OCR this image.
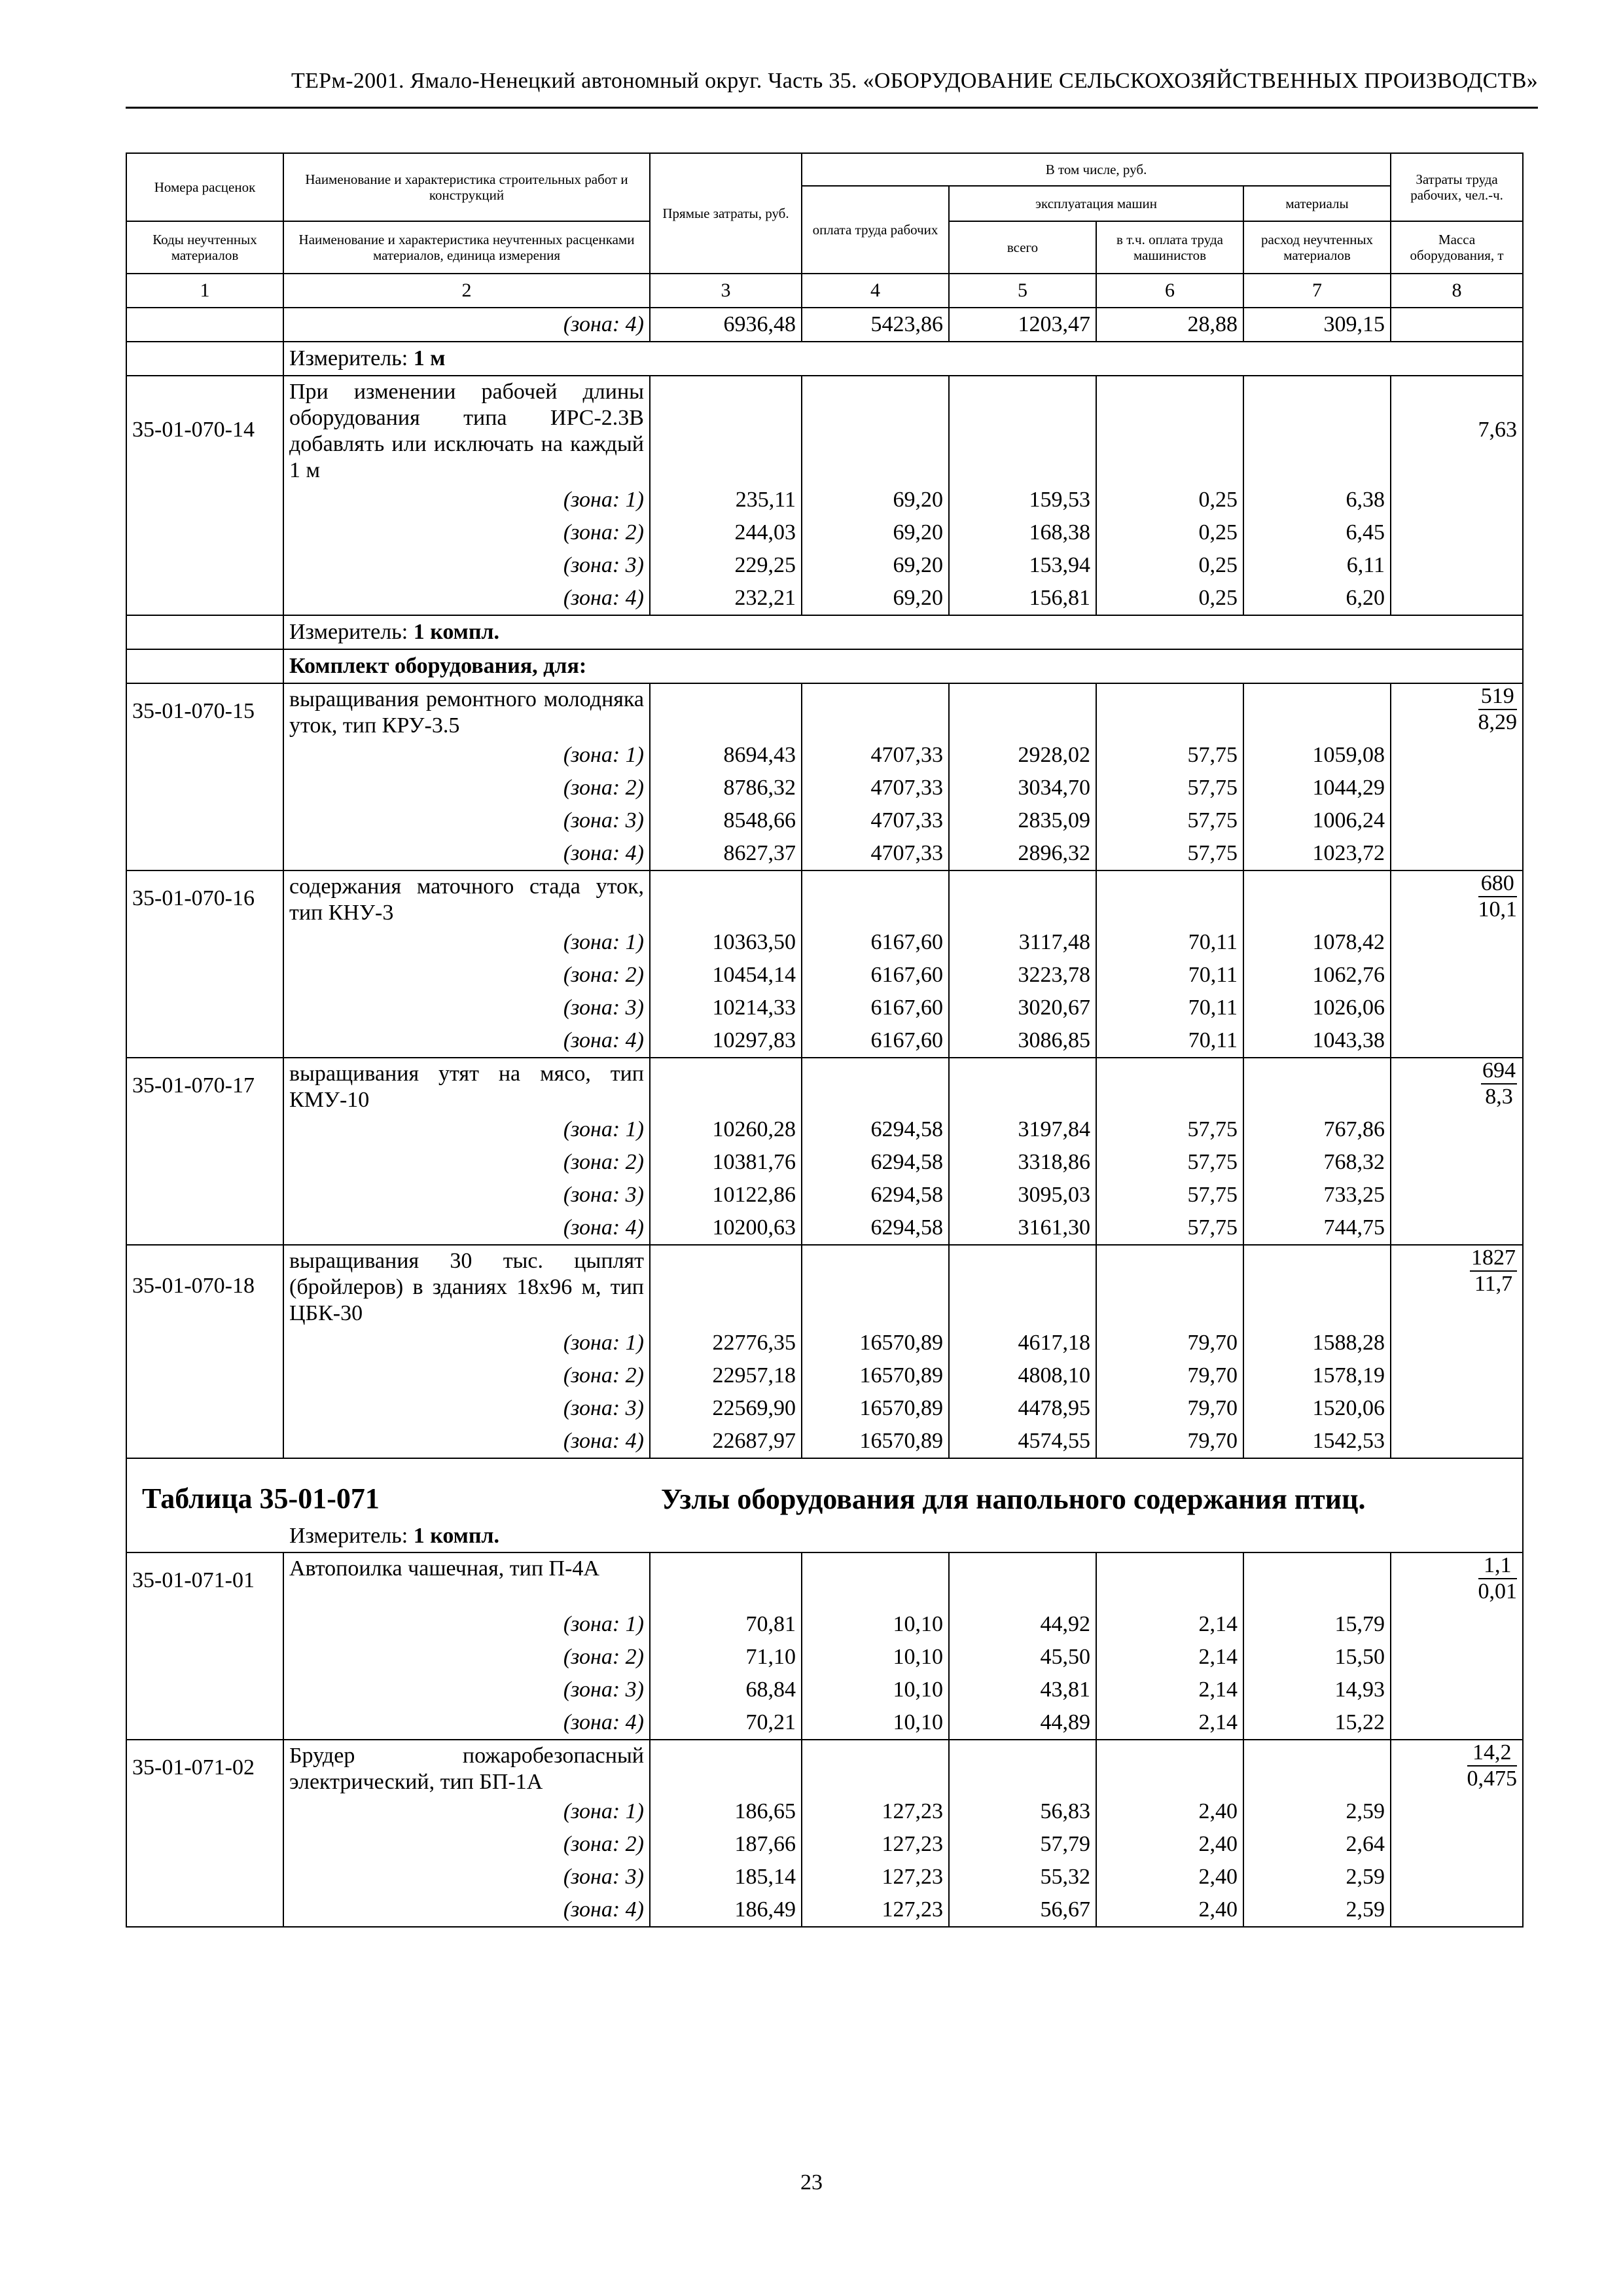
ТЕРм-2001. Ямало-Ненецкий автономный округ. Часть 35. «ОБОРУДОВАНИЕ СЕЛЬСКОХОЗЯЙСТВЕННЫХ ПРОИЗВОДСТВ»
Номера расценок	Наименование и характеристика строительных работ и конструкций	Прямые затраты, руб.	В том числе, руб.				Затраты труда рабочих, чел.-ч.
			оплата труда рабочих	эксплуатация машин		материалы	
Коды неучтенных материалов	Наименование и характеристика неучтенных расценками материалов, единица измерения			всего	в т.ч. оплата труда машинистов	расход неучтенных материалов	Масса оборудования, т
1	2	3	4	5	6	7	8
	(зона: 4)	6936,48	5423,86	1203,47	28,88	309,15	
	Измеритель: 1 м						
35-01-070-14	При изменении рабочей длины оборудования типа ИРС-2.3В добавлять или исключать на каждый 1 м						7,63
	(зона: 1)	235,11	69,20	159,53	0,25	6,38	
	(зона: 2)	244,03	69,20	168,38	0,25	6,45	
	(зона: 3)	229,25	69,20	153,94	0,25	6,11	
	(зона: 4)	232,21	69,20	156,81	0,25	6,20	
	Измеритель: 1 компл.						
	Комплект оборудования, для:						
35-01-070-15	выращивания ремонтного молодняка уток, тип КРУ-3.5						$\frac{519}{8,29}$

	(зона: 1)	8694,43	4707,33	2928,02	57,75	1059,08	
	(зона: 2)	8786,32	4707,33	3034,70	57,75	1044,29	
	(зона: 3)	8548,66	4707,33	2835,09	57,75	1006,24	
	(зона: 4)	8627,37	4707,33	2896,32	57,75	1023,72	
35-01-070-16	содержания маточного стада уток, тип КНУ-3						$\frac{680}{10,1}$

	(зона: 1)	10363,50	6167,60	3117,48	70,11	1078,42	
	(зона: 2)	10454,14	6167,60	3223,78	70,11	1062,76	
	(зона: 3)	10214,33	6167,60	3020,67	70,11	1026,06	
	(зона: 4)	10297,83	6167,60	3086,85	70,11	1043,38	
35-01-070-17	выращивания утят на мясо, тип КМУ-10						$\frac{694}{8,3}$

	(зона: 1)	10260,28	6294,58	3197,84	57,75	767,86	
	(зона: 2)	10381,76	6294,58	3318,86	57,75	768,32	
	(зона: 3)	10122,86	6294,58	3095,03	57,75	733,25	
	(зона: 4)	10200,63	6294,58	3161,30	57,75	744,75	
35-01-070-18	выращивания 30 тыс. цыплят (бройлеров) в зданиях 18х96 м, тип ЦБК-30						$\frac{1827}{11,7}$

	(зона: 1)	22776,35	16570,89	4617,18	79,70	1588,28	
	(зона: 2)	22957,18	16570,89	4808,10	79,70	1578,19	
	(зона: 3)	22569,90	16570,89	4478,95	79,70	1520,06	
	(зона: 4)	22687,97	16570,89	4574,55	79,70	1542,53	

Таблица 35-01-071 Узлы оборудования для напольного содержания птиц.
Измеритель: 1 компл.							

35-01-071-01	Автопоилка чашечная, тип П-4А						$\frac{1,1}{0,01}$

	(зона: 1)	70,81	10,10	44,92	2,14	15,79	
	(зона: 2)	71,10	10,10	45,50	2,14	15,50	
	(зона: 3)	68,84	10,10	43,81	2,14	14,93	
	(зона: 4)	70,21	10,10	44,89	2,14	15,22	
35-01-071-02	Брудер пожаробезопасный электрический, тип БП-1А						$\frac{14,2}{0,475}$

	(зона: 1)	186,65	127,23	56,83	2,40	2,59	
	(зона: 2)	187,66	127,23	57,79	2,40	2,64	
	(зона: 3)	185,14	127,23	55,32	2,40	2,59	
	(зона: 4)	186,49	127,23	56,67	2,40	2,59	
23
